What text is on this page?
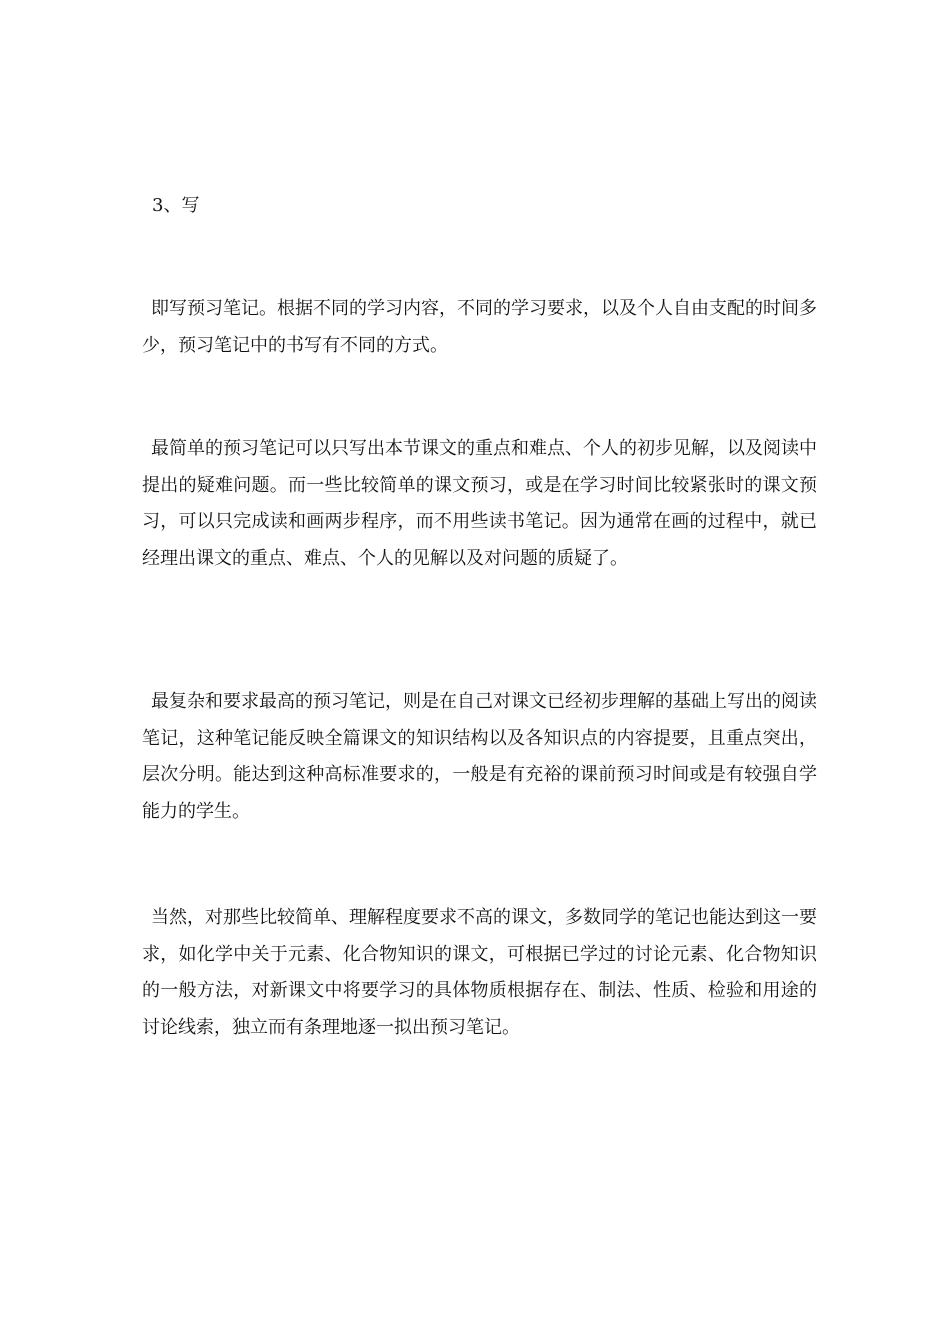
3、写

即写预习笔记。根据不同的学习内容，不同的学习要求，以及个人自由支配的时间多少，预习笔记中的书写有不同的方式。

最简单的预习笔记可以只写出本节课文的重点和难点、个人的初步见解，以及阅读中提出的疑难问题。而一些比较简单的课文预习，或是在学习时间比较紧张时的课文预习，可以只完成读和画两步程序，而不用些读书笔记。因为通常在画的过程中，就已经理出课文的重点、难点、个人的见解以及对问题的质疑了。

最复杂和要求最高的预习笔记，则是在自己对课文已经初步理解的基础上写出的阅读笔记，这种笔记能反映全篇课文的知识结构以及各知识点的内容提要，且重点突出，层次分明。能达到这种高标准要求的，一般是有充裕的课前预习时间或是有较强自学能力的学生。

当然，对那些比较简单、理解程度要求不高的课文，多数同学的笔记也能达到这一要求，如化学中关于元素、化合物知识的课文，可根据已学过的讨论元素、化合物知识的一般方法，对新课文中将要学习的具体物质根据存在、制法、性质、检验和用途的讨论线索，独立而有条理地逐一拟出预习笔记。
